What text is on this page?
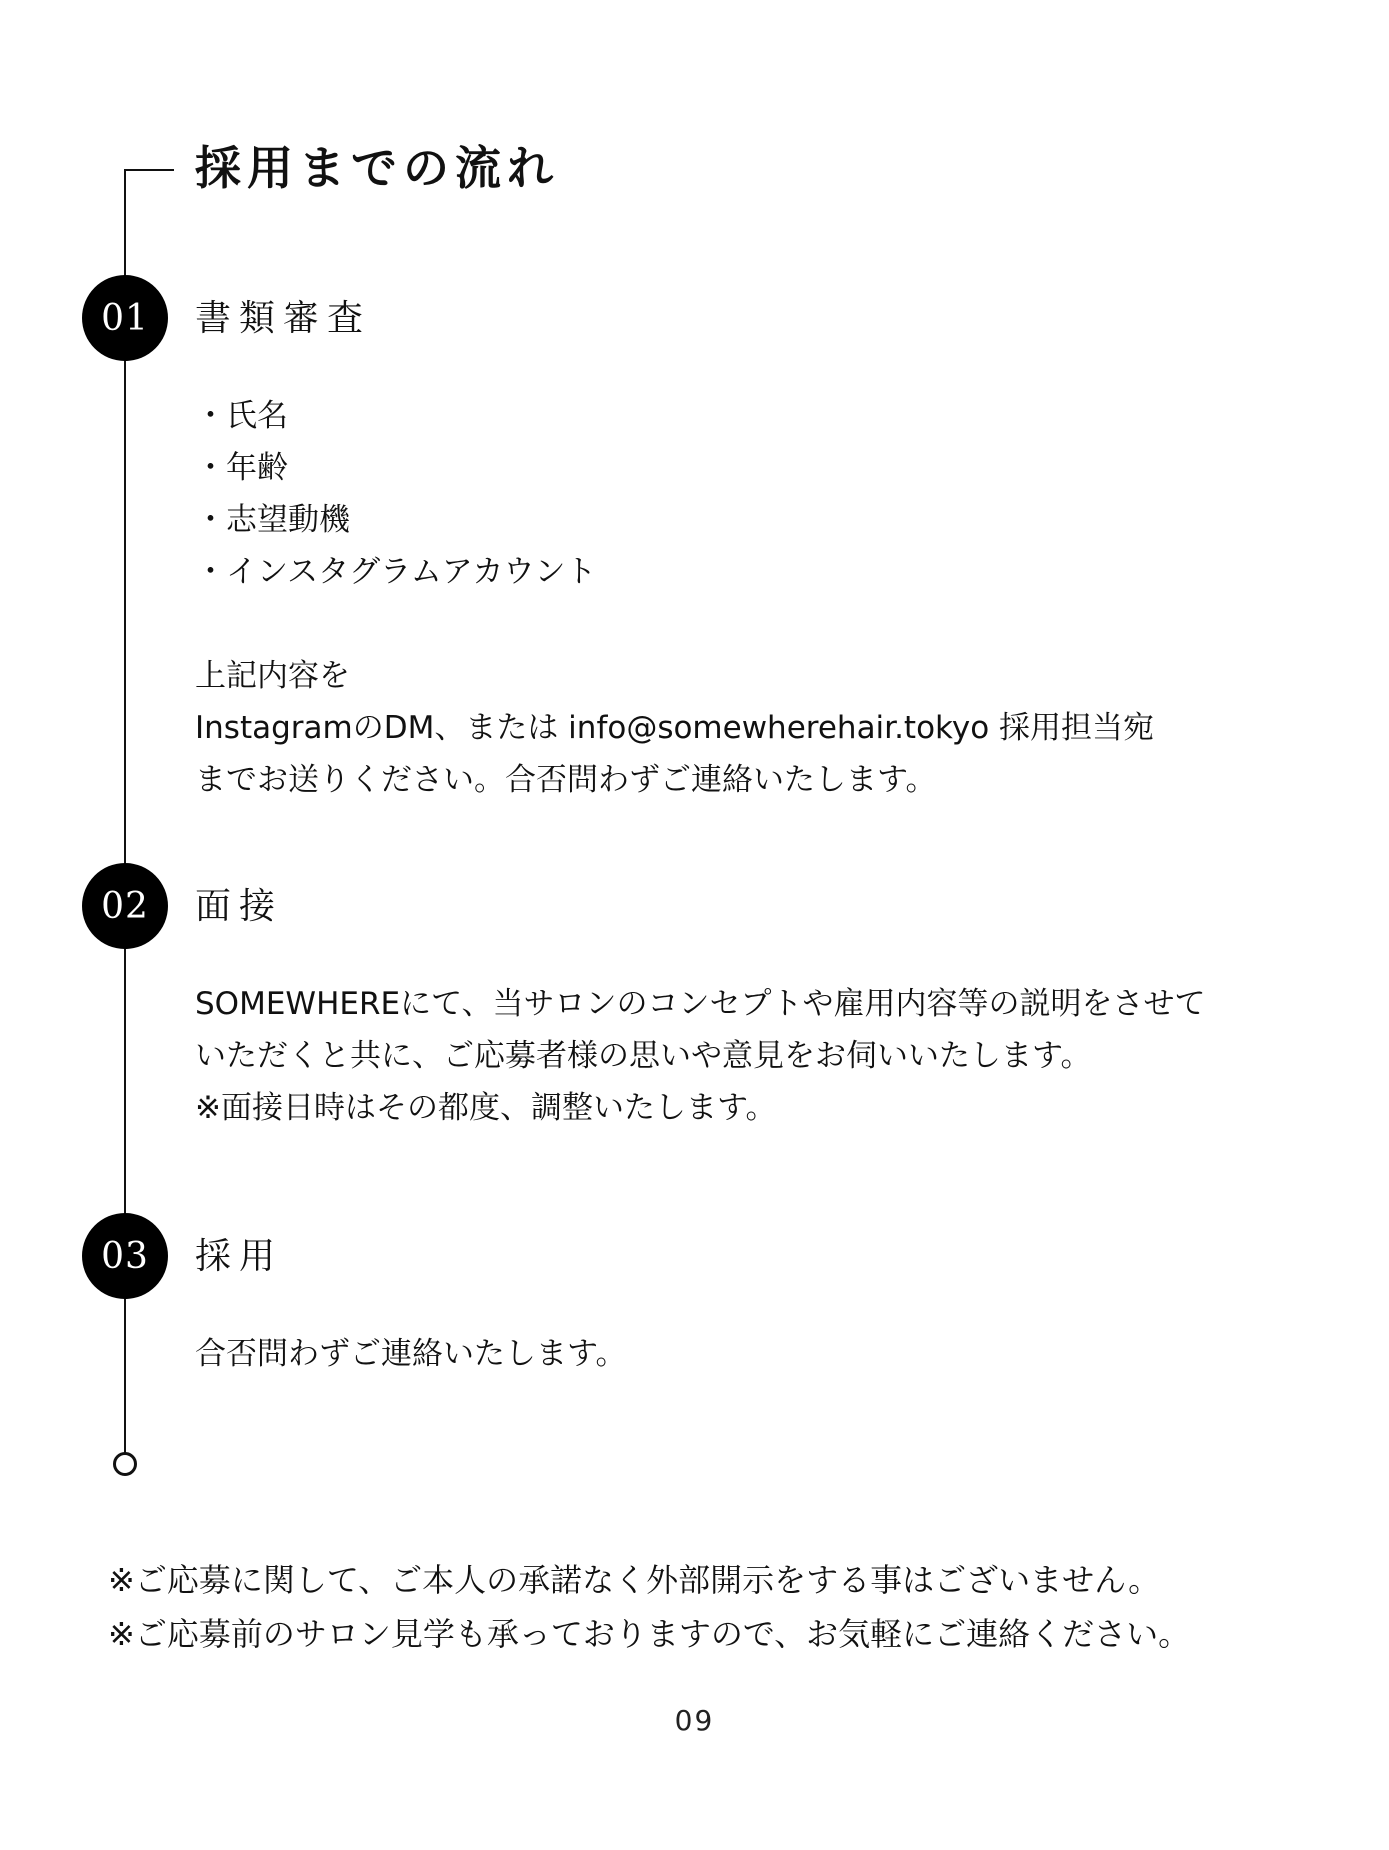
採用までの流れ
01	書類審査

・氏名

・年齢

・志望動機

・インスタグラムアカウント

上記内容を

InstagramのDM、または info@somewherehair.tokyo 採用担当宛

までお送りください。合否問わずご連絡いたします。

02	面接

SOMEWHEREにて、当サロンのコンセプトや雇用内容等の説明をさせて

いただくと共に、ご応募者様の思いや意見をお伺いいたします。

※面接日時はその都度、調整いたします。

03	採用

合否問わずご連絡いたします。

※ご応募に関して、ご本人の承諾なく外部開示をする事はございません。

※ご応募前のサロン見学も承っておりますので、お気軽にご連絡ください。

09
